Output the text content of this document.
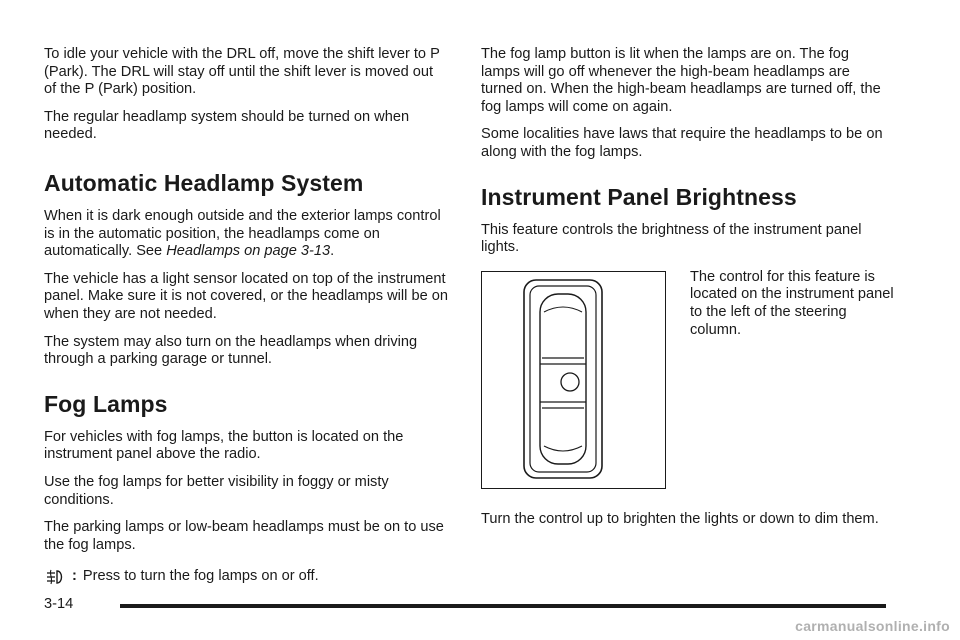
To idle your vehicle with the DRL off, move the shift lever to P (Park). The DRL will stay off until the shift lever is moved out of the P (Park) position.

The regular headlamp system should be turned on when needed.

Automatic Headlamp System

When it is dark enough outside and the exterior lamps control is in the automatic position, the headlamps come on automatically. See Headlamps on page 3-13.

The vehicle has a light sensor located on top of the instrument panel. Make sure it is not covered, or the headlamps will be on when they are not needed.

The system may also turn on the headlamps when driving through a parking garage or tunnel.

Fog Lamps

For vehicles with fog lamps, the button is located on the instrument panel above the radio.

Use the fog lamps for better visibility in foggy or misty conditions.

The parking lamps or low-beam headlamps must be on to use the fog lamps.

: Press to turn the fog lamps on or off.

The fog lamp button is lit when the lamps are on. The fog lamps will go off whenever the high-beam headlamps are turned on. When the high-beam headlamps are turned off, the fog lamps will come on again.

Some localities have laws that require the headlamps to be on along with the fog lamps.

Instrument Panel Brightness

This feature controls the brightness of the instrument panel lights.

The control for this feature is located on the instrument panel to the left of the steering column.

Turn the control up to brighten the lights or down to dim them.

3-14
carmanualsonline.info
